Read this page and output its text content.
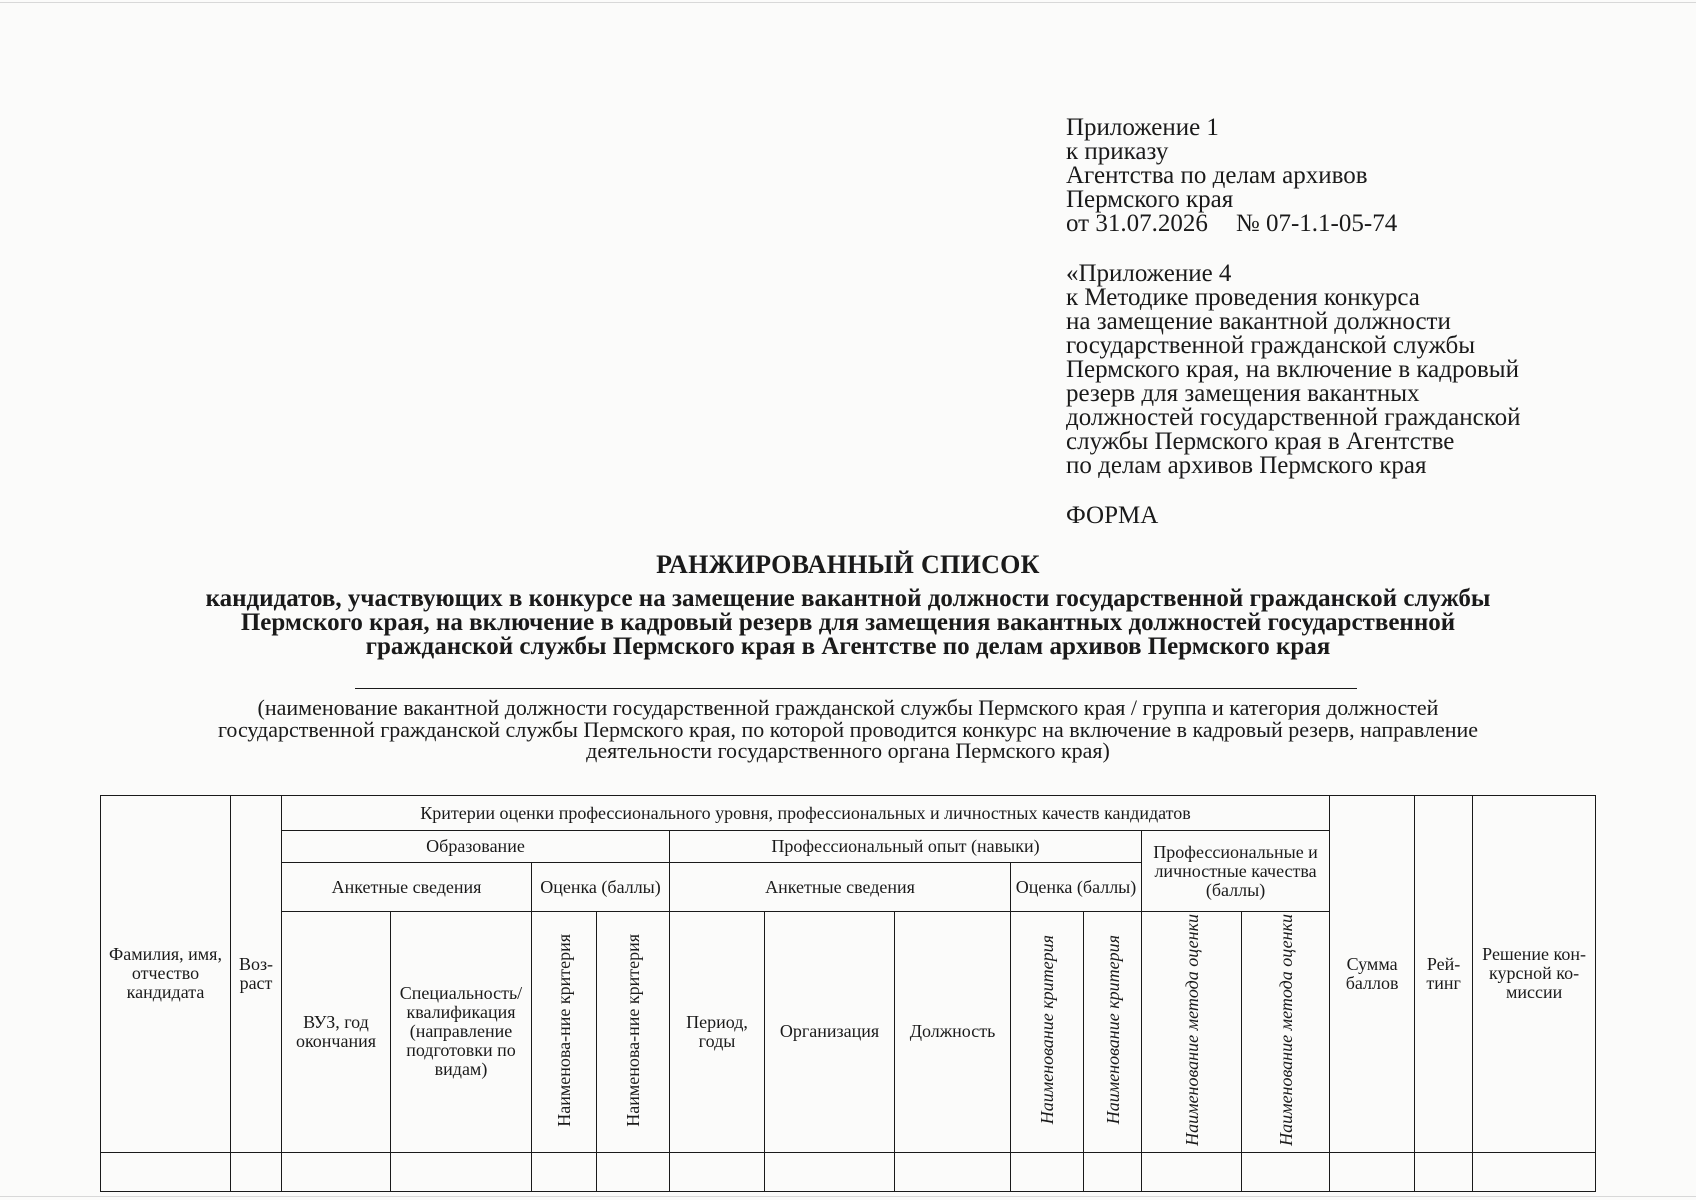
Приложение 1
к приказу
Агентства по делам архивов
Пермского края
от 31.07.2026 № 07-1.1-05-74
«Приложение 4
к Методике проведения конкурса
на замещение вакантной должности
государственной гражданской службы
Пермского края, на включение в кадровый
резерв для замещения вакантных
должностей государственной гражданской
службы Пермского края в Агентстве
по делам архивов Пермского края
ФОРМА
РАНЖИРОВАННЫЙ СПИСОК
кандидатов, участвующих в конкурсе на замещение вакантной должности государственной гражданской службы
Пермского края, на включение в кадровый резерв для замещения вакантных должностей государственной
гражданской службы Пермского края в Агентстве по делам архивов Пермского края
(наименование вакантной должности государственной гражданской службы Пермского края / группа и категория должностей
государственной гражданской службы Пермского края, по которой проводится конкурс на включение в кадровый резерв, направление
деятельности государственного органа Пермского края)
Фамилия, имя, отчество кандидата	Воз-раст	Критерии оценки профессионального уровня, профессиональных и личностных качеств кандидатов											Сумма баллов	Рей-тинг	Решение кон-курсной ко-миссии
		Образование				Профессиональный опыт (навыки)					Профессиональные и личностные качества (баллы)				
		Анкетные сведения		Оценка (баллы)		Анкетные сведения			Оценка (баллы)						
		ВУЗ, год окончания	Специальность/ квалификация (направление подготовки по видам)	Наименова-ние критерия	Наименова-ние критерия	Период, годы	Организация	Должность	Наименование критерия	Наименование критерия	Наименование метода оценки	Наименование метода оценки			
